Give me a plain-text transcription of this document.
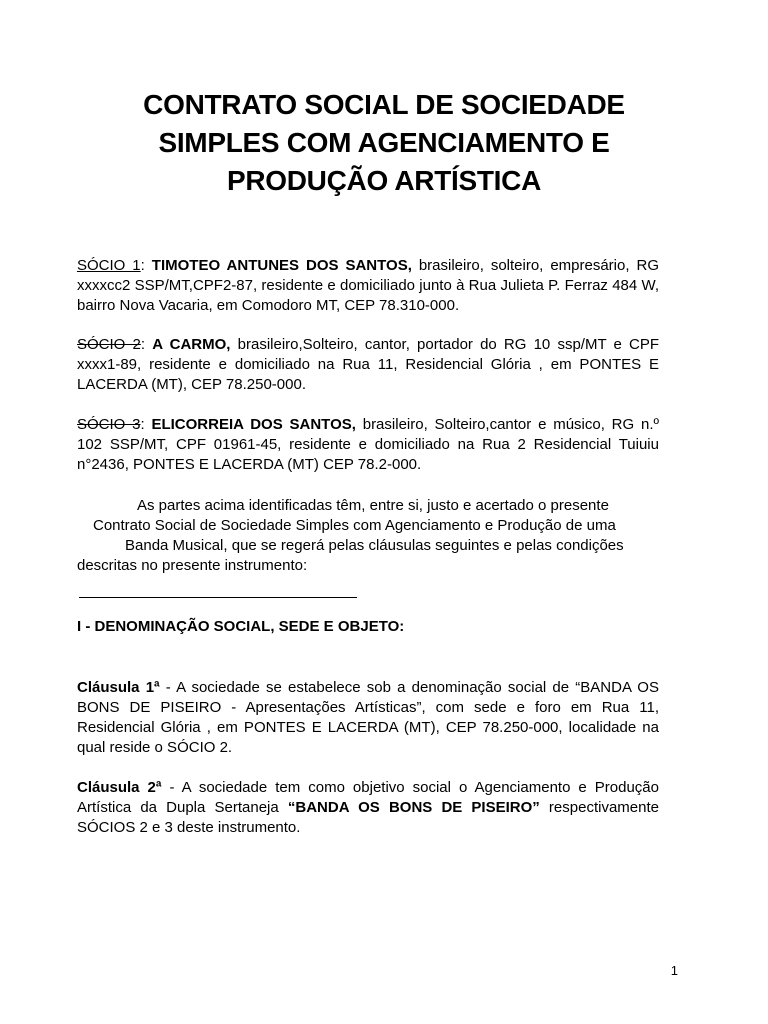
CONTRATO SOCIAL DE SOCIEDADE
SIMPLES COM AGENCIAMENTO E
PRODUÇÃO ARTÍSTICA

SÓCIO 1: TIMOTEO ANTUNES DOS SANTOS, brasileiro, solteiro, empresário, RG xxxxcc2 SSP/MT,CPF2-87, residente e domiciliado junto à Rua Julieta P. Ferraz 484 W, bairro Nova Vacaria, em Comodoro MT, CEP 78.310-000.

SÓCIO 2: A CARMO, brasileiro,Solteiro, cantor, portador do RG 10 ssp/MT e CPF xxxx1-89, residente e domiciliado na Rua 11, Residencial Glória , em PONTES E LACERDA (MT), CEP 78.250-000.

SÓCIO 3: ELICORREIA DOS SANTOS, brasileiro, Solteiro,cantor e músico, RG n.º 102 SSP/MT, CPF 01961-45, residente e domiciliado na Rua 2 Residencial Tuiuiu n°2436, PONTES E LACERDA (MT) CEP 78.2-000.

As partes acima identificadas têm, entre si, justo e acertado o presente

Contrato Social de Sociedade Simples com Agenciamento e Produção de uma

Banda Musical, que se regerá pelas cláusulas seguintes e pelas condições

descritas no presente instrumento:

I - DENOMINAÇÃO SOCIAL, SEDE E OBJETO:

Cláusula 1ª - A sociedade se estabelece sob a denominação social de “BANDA OS BONS DE PISEIRO - Apresentações Artísticas”, com sede e foro em Rua 11, Residencial Glória , em PONTES E LACERDA (MT), CEP 78.250-000, localidade na qual reside o SÓCIO 2.

Cláusula 2ª - A sociedade tem como objetivo social o Agenciamento e Produção Artística da Dupla Sertaneja “BANDA OS BONS DE PISEIRO” respectivamente SÓCIOS 2 e 3 deste instrumento.

1
